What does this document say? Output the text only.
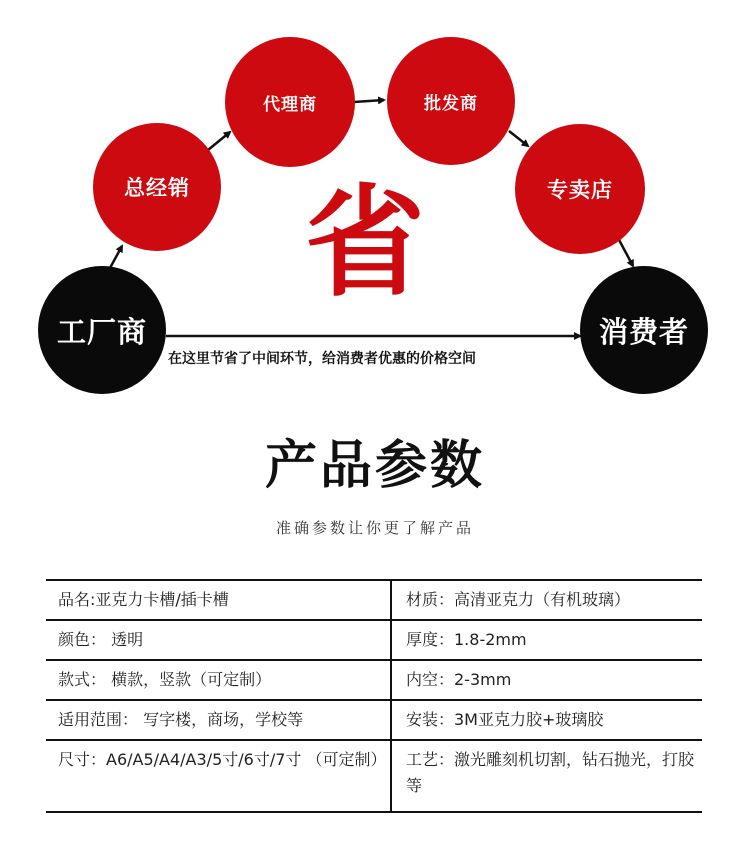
工厂商
总经销
代理商	批发商
专卖店
消费者
省
在这里节省了中间环节，给消费者优惠的价格空间
产品参数
准确参数让你更了解产品
品名:亚克力卡槽/插卡槽	材质：高清亚克力（有机玻璃）
颜色： 透明	厚度：1.8-2mm
款式： 横款，竖款（可定制）	内空：2-3mm
适用范围： 写字楼，商场，学校等	安装：3M亚克力胶+玻璃胶
尺寸：A6/A5/A4/A3/5寸/6寸/7寸 （可定制）	工艺：激光雕刻机切割，钻石抛光，打胶等
